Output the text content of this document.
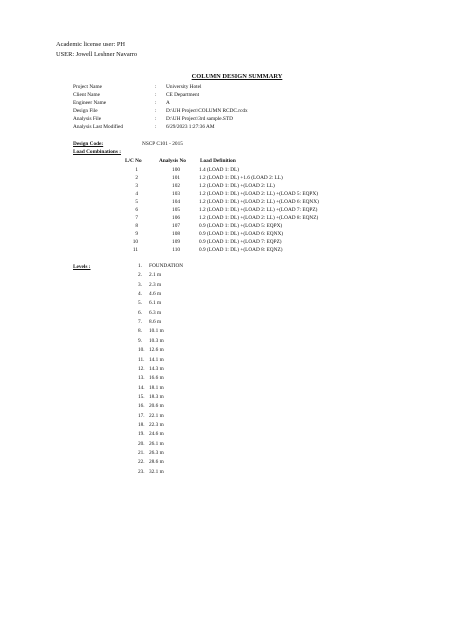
Academic license user: PH
USER: Jowell Leshner Navarro
COLUMN DESIGN SUMMARY
Project Name	: University Hotel
Client Name	: CE Department
Engineer Name	: A
Design File	: D:\UH Project\COLUMN RCDC.rcdx
Analysis File	: D:\UH Project\3rd sample.STD
Analysis Last Modified	: 6/29/2023 1:27:36 AM
Design Code:	NSCP C101 - 2015
Load Combinations :
L/C No	Analysis No	Load Definition
1	100	1.4 (LOAD 1: DL)
2	101	1.2 (LOAD 1: DL) +1.6 (LOAD 2: LL)
3	102	1.2 (LOAD 1: DL) +(LOAD 2: LL)
4	103	1.2 (LOAD 1: DL) +(LOAD 2: LL) +(LOAD 5: EQPX)
5	104	1.2 (LOAD 1: DL) +(LOAD 2: LL) +(LOAD 6: EQNX)
6	105	1.2 (LOAD 1: DL) +(LOAD 2: LL) +(LOAD 7: EQPZ)
7	106	1.2 (LOAD 1: DL) +(LOAD 2: LL) +(LOAD 8: EQNZ)
8	107	0.9 (LOAD 1: DL) +(LOAD 5: EQPX)
9	108	0.9 (LOAD 1: DL) +(LOAD 6: EQNX)
10	109	0.9 (LOAD 1: DL) +(LOAD 7: EQPZ)
11	110	0.9 (LOAD 1: DL) +(LOAD 8: EQNZ)
Levels :	1. FOUNDATION
2. 2.1 m
3. 2.3 m
4. 4.6 m
5. 6.1 m
6. 6.3 m
7. 8.6 m
8. 10.1 m
9. 10.3 m
10. 12.6 m
11. 14.1 m
12. 14.3 m
13. 16.6 m
14. 18.1 m
15. 18.3 m
16. 20.6 m
17. 22.1 m
18. 22.3 m
19. 24.6 m
20. 26.1 m
21. 26.3 m
22. 28.6 m
23. 32.1 m
